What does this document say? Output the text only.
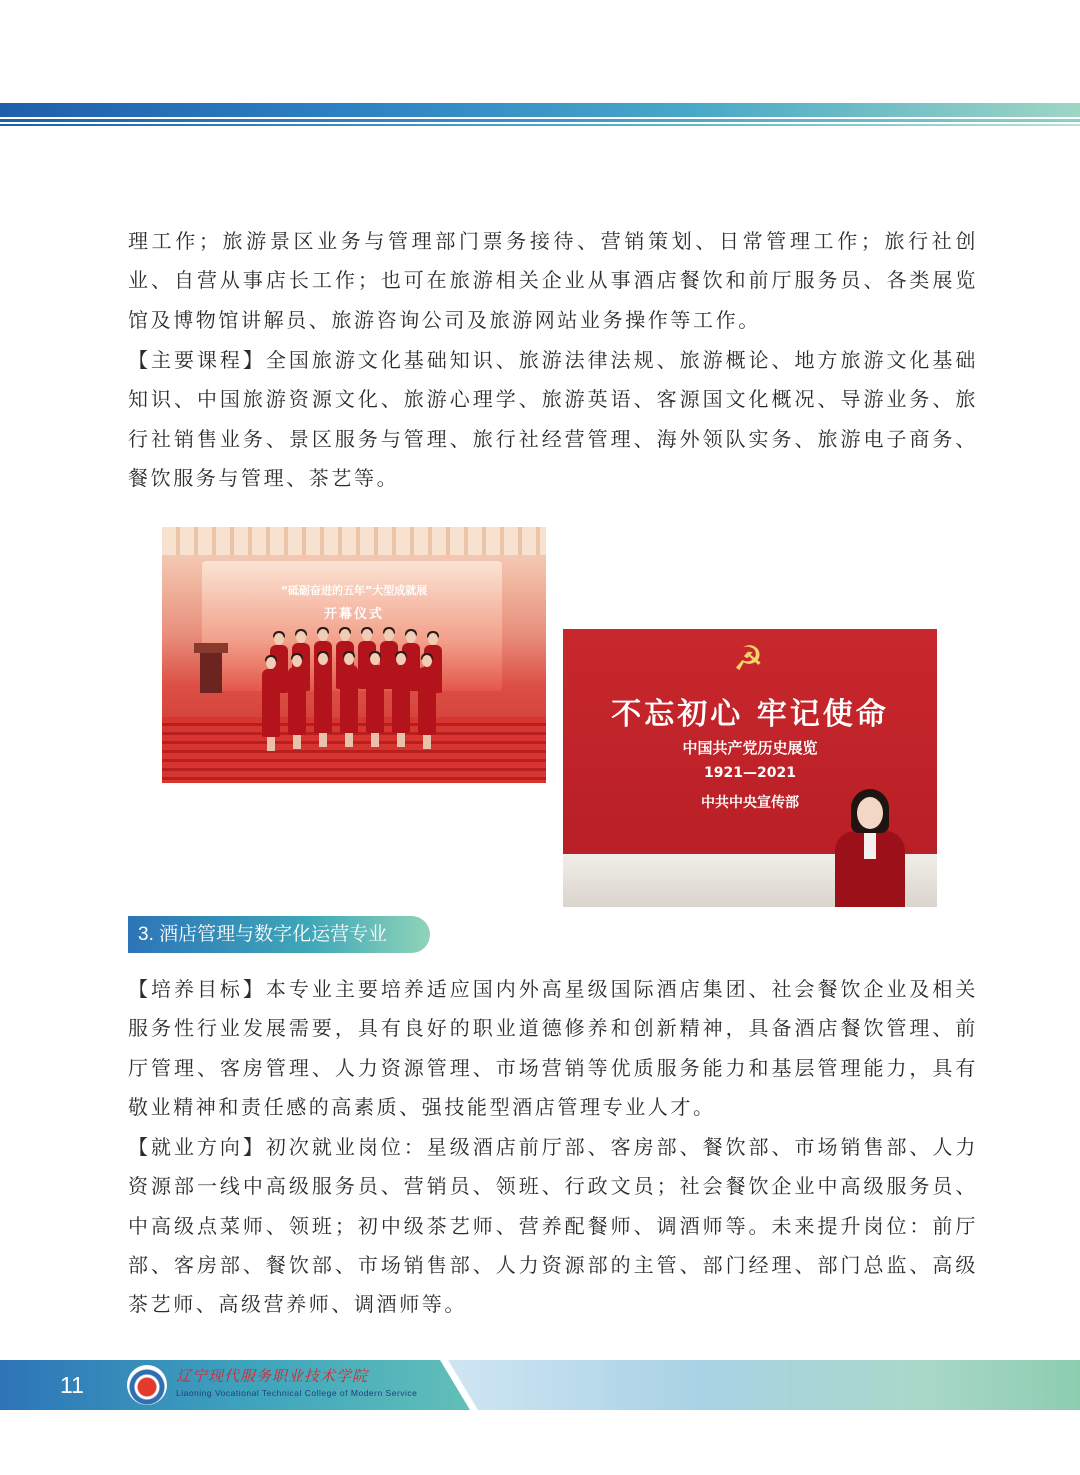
理工作；旅游景区业务与管理部门票务接待、营销策划、日常管理工作；旅行社创业、自营从事店长工作；也可在旅游相关企业从事酒店餐饮和前厅服务员、各类展览馆及博物馆讲解员、旅游咨询公司及旅游网站业务操作等工作。

【主要课程】全国旅游文化基础知识、旅游法律法规、旅游概论、地方旅游文化基础知识、中国旅游资源文化、旅游心理学、旅游英语、客源国文化概况、导游业务、旅行社销售业务、景区服务与管理、旅行社经营管理、海外领队实务、旅游电子商务、餐饮服务与管理、茶艺等。

“砥砺奋进的五年”大型成就展
开幕仪式
☭
不忘初心 牢记使命
中国共产党历史展览
1921—2021
中共中央宣传部
3. 酒店管理与数字化运营专业

【培养目标】本专业主要培养适应国内外高星级国际酒店集团、社会餐饮企业及相关服务性行业发展需要，具有良好的职业道德修养和创新精神，具备酒店餐饮管理、前厅管理、客房管理、人力资源管理、市场营销等优质服务能力和基层管理能力，具有敬业精神和责任感的高素质、强技能型酒店管理专业人才。

【就业方向】初次就业岗位：星级酒店前厅部、客房部、餐饮部、市场销售部、人力资源部一线中高级服务员、营销员、领班、行政文员；社会餐饮企业中高级服务员、中高级点菜师、领班；初中级茶艺师、营养配餐师、调酒师等。未来提升岗位：前厅部、客房部、餐饮部、市场销售部、人力资源部的主管、部门经理、部门总监、高级茶艺师、高级营养师、调酒师等。

11	辽宁现代服务职业技术学院
Liaoning Vocational Technical College of Modern Service
